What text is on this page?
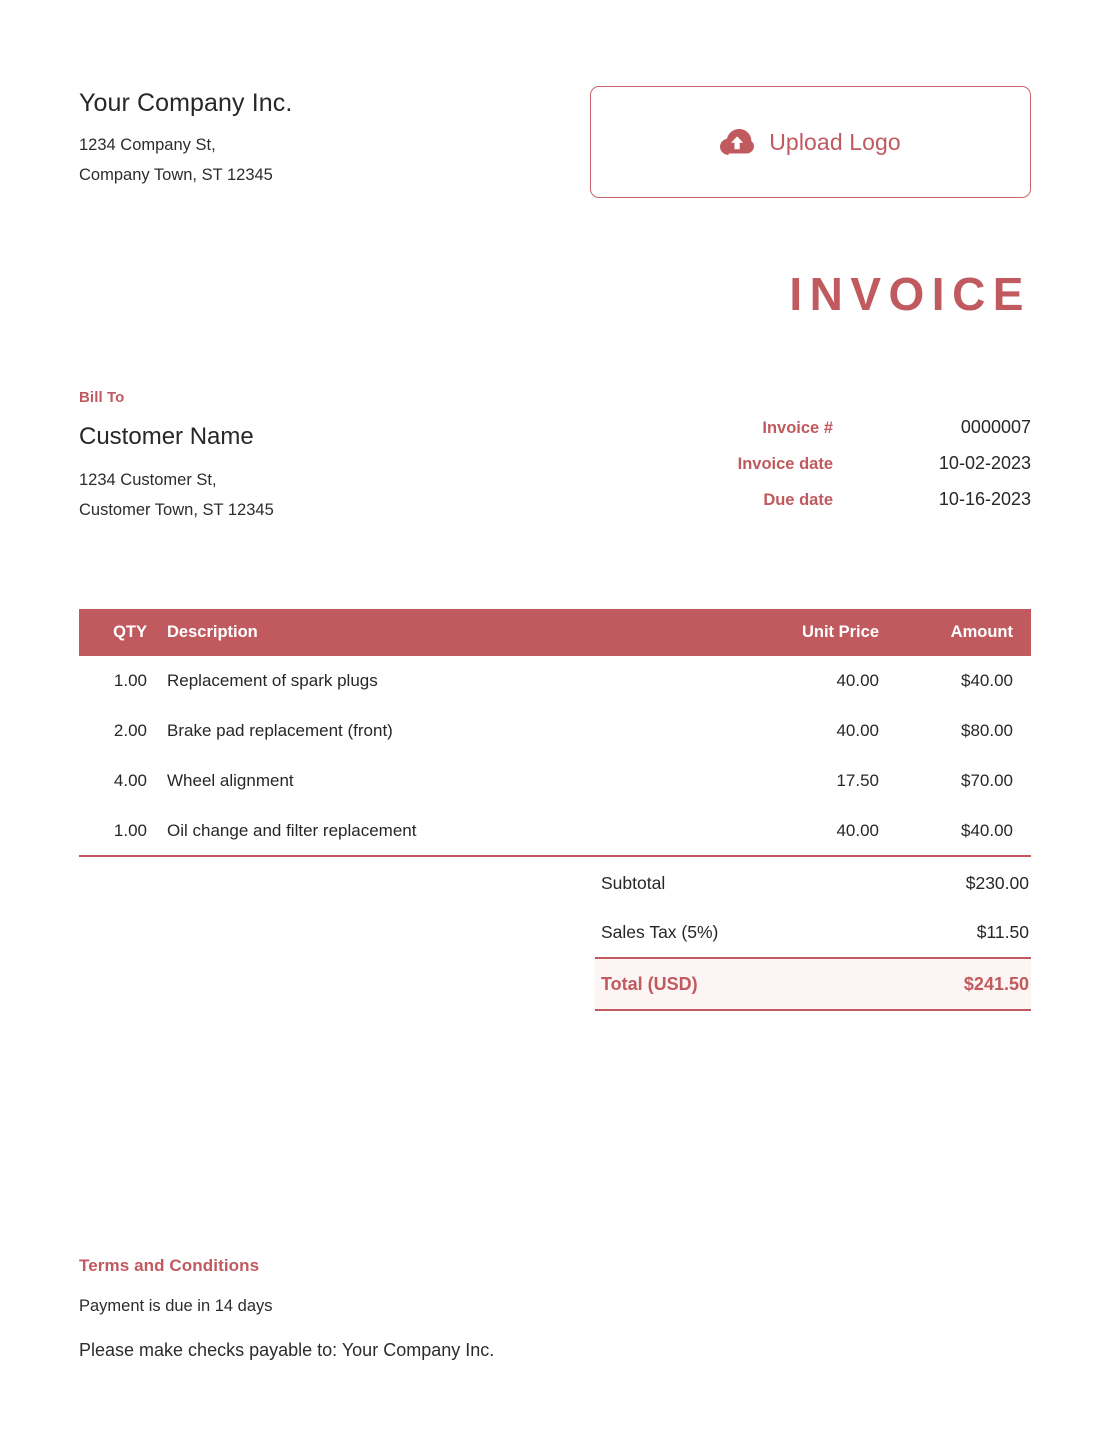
Your Company Inc.
1234 Company St,
Company Town, ST 12345
Upload Logo
INVOICE
Bill To
Customer Name
1234 Customer St,
Customer Town, ST 12345
Invoice #	0000007
Invoice date	10-02-2023
Due date	10-16-2023
QTY	Description	Unit Price	Amount
1.00	Replacement of spark plugs	40.00	$40.00
2.00	Brake pad replacement (front)	40.00	$80.00
4.00	Wheel alignment	17.50	$70.00
1.00	Oil change and filter replacement	40.00	$40.00
Subtotal	$230.00
Sales Tax (5%)	$11.50
Total (USD)	$241.50
Terms and Conditions
Payment is due in 14 days
Please make checks payable to: Your Company Inc.
